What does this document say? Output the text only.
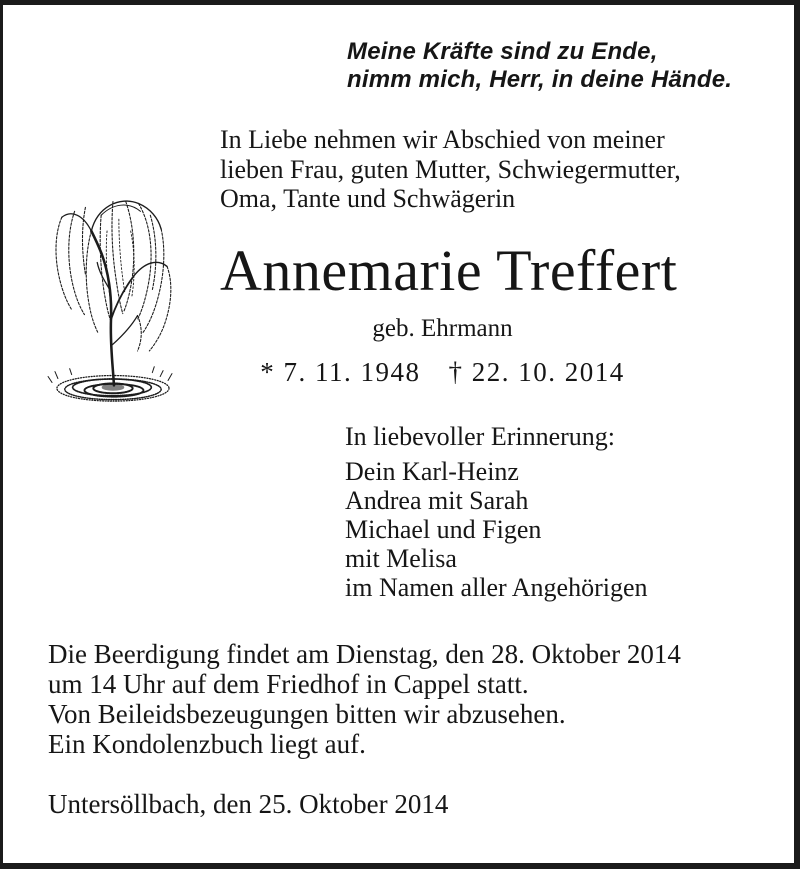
Meine Kräfte sind zu Ende,
nimm mich, Herr, in deine Hände.
In Liebe nehmen wir Abschied von meiner
lieben Frau, guten Mutter, Schwiegermutter,
Oma, Tante und Schwägerin
Annemarie Treffert
geb. Ehrmann
* 7. 11. 1948 † 22. 10. 2014
In liebevoller Erinnerung:
Dein Karl-Heinz
Andrea mit Sarah
Michael und Figen
mit Melisa
im Namen aller Angehörigen
Die Beerdigung findet am Dienstag, den 28. Oktober 2014
um 14 Uhr auf dem Friedhof in Cappel statt.
Von Beileidsbezeugungen bitten wir abzusehen.
Ein Kondolenzbuch liegt auf.
Untersöllbach, den 25. Oktober 2014
